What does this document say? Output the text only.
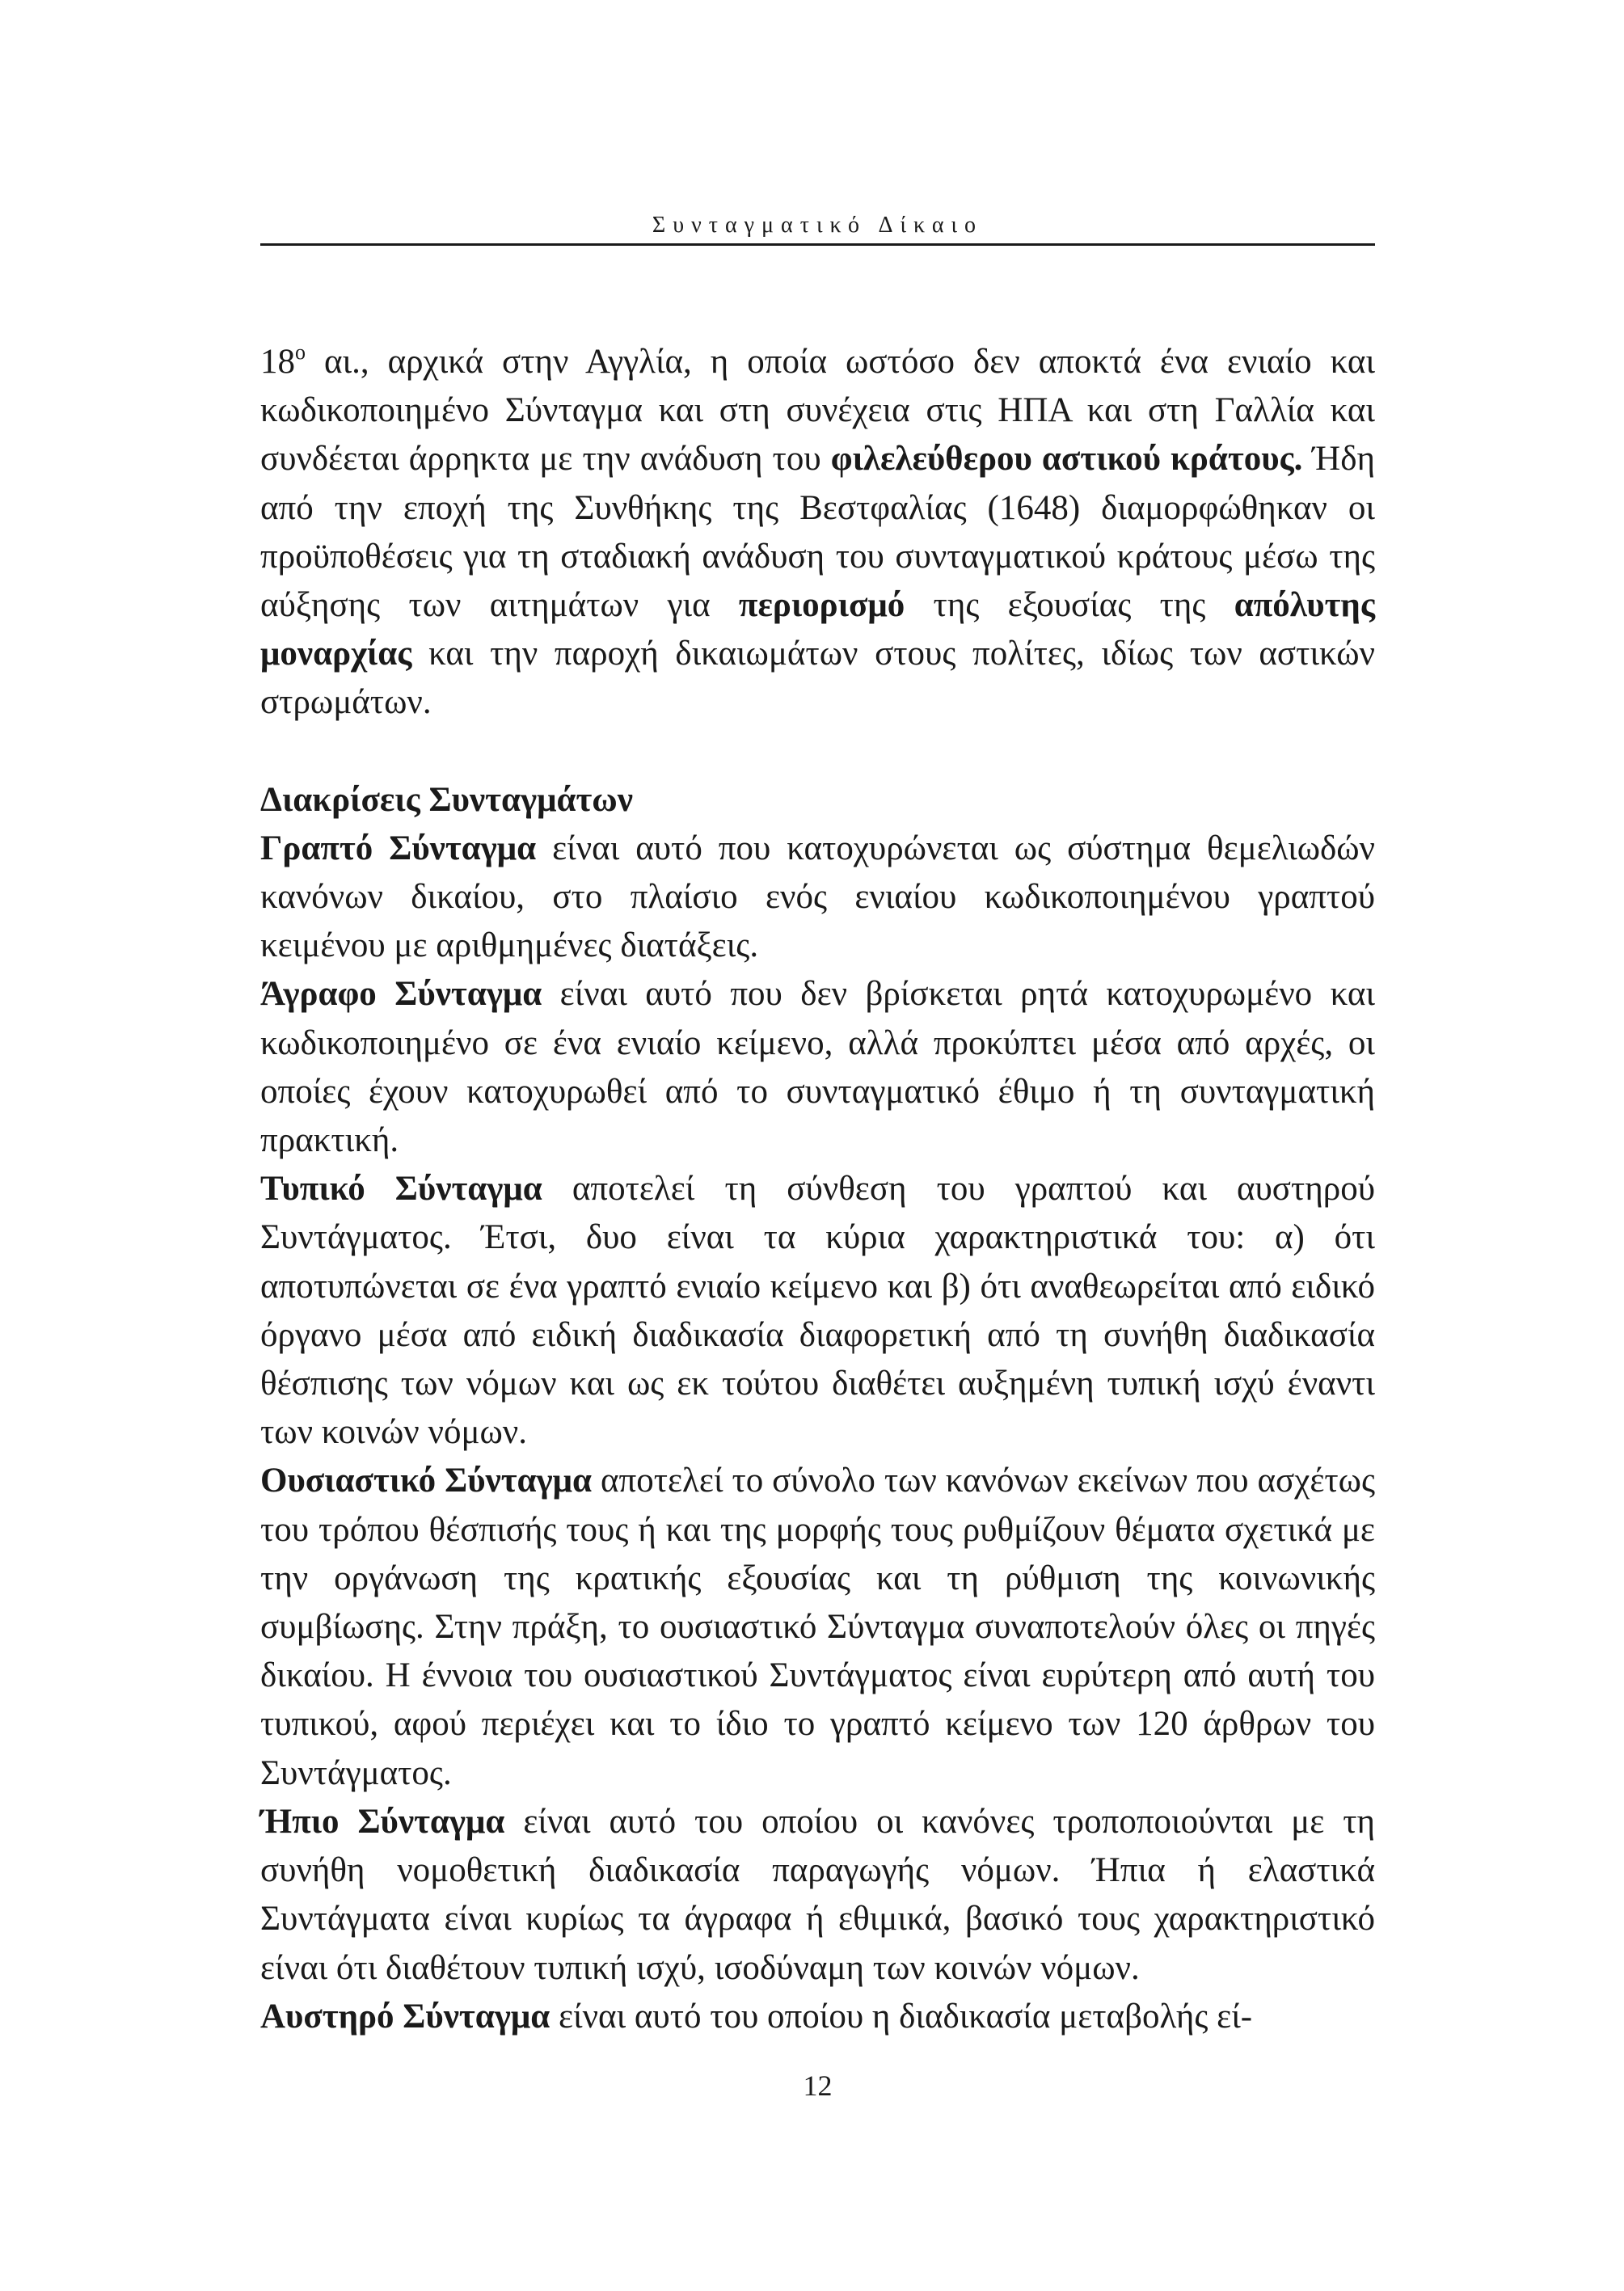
Συνταγματικό Δίκαιο

$18^o$ αι., αρχικά στην Αγγλία, η οποία ωστόσο δεν αποκτά ένα ενιαίο και κωδικοποιημένο Σύνταγμα και στη συνέχεια στις ΗΠΑ και στη Γαλλία και συνδέεται άρρηκτα με την ανάδυση του φιλελεύθερου αστικού κράτους. Ήδη από την εποχή της Συνθήκης της Βεστφαλίας (1648) διαμορφώθηκαν οι προϋποθέσεις για τη σταδιακή ανάδυση του συνταγματικού κράτους μέσω της αύξησης των αιτημάτων για περιορισμό της εξουσίας της απόλυτης μοναρχίας και την παροχή δικαιωμάτων στους πολίτες, ιδίως των αστικών στρωμάτων.

Διακρίσεις Συνταγμάτων

Γραπτό Σύνταγμα είναι αυτό που κατοχυρώνεται ως σύστημα θεμελιωδών κανόνων δικαίου, στο πλαίσιο ενός ενιαίου κωδικοποιημένου γραπτού κειμένου με αριθμημένες διατάξεις.

Άγραφο Σύνταγμα είναι αυτό που δεν βρίσκεται ρητά κατοχυρωμένο και κωδικοποιημένο σε ένα ενιαίο κείμενο, αλλά προκύπτει μέσα από αρχές, οι οποίες έχουν κατοχυρωθεί από το συνταγματικό έθιμο ή τη συνταγματική πρακτική.

Τυπικό Σύνταγμα αποτελεί τη σύνθεση του γραπτού και αυστηρού Συντάγματος. Έτσι, δυο είναι τα κύρια χαρακτηριστικά του: α) ότι αποτυπώνεται σε ένα γραπτό ενιαίο κείμενο και β) ότι αναθεωρείται από ειδικό όργανο μέσα από ειδική διαδικασία διαφορετική από τη συνήθη διαδικασία θέσπισης των νόμων και ως εκ τούτου διαθέτει αυξημένη τυπική ισχύ έναντι των κοινών νόμων.

Ουσιαστικό Σύνταγμα αποτελεί το σύνολο των κανόνων εκείνων που ασχέτως του τρόπου θέσπισής τους ή και της μορφής τους ρυθμίζουν θέματα σχετικά με την οργάνωση της κρατικής εξουσίας και τη ρύθμιση της κοινωνικής συμβίωσης. Στην πράξη, το ουσιαστικό Σύνταγμα συναποτελούν όλες οι πηγές δικαίου. Η έννοια του ουσιαστικού Συντάγματος είναι ευρύτερη από αυτή του τυπικού, αφού περιέχει και το ίδιο το γραπτό κείμενο των 120 άρθρων του Συντάγματος.

Ήπιο Σύνταγμα είναι αυτό του οποίου οι κανόνες τροποποιούνται με τη συνήθη νομοθετική διαδικασία παραγωγής νόμων. Ήπια ή ελαστικά Συντάγματα είναι κυρίως τα άγραφα ή εθιμικά, βασικό τους χαρακτηριστικό είναι ότι διαθέτουν τυπική ισχύ, ισοδύναμη των κοινών νόμων.

Αυστηρό Σύνταγμα είναι αυτό του οποίου η διαδικασία μεταβολής εί-

12
